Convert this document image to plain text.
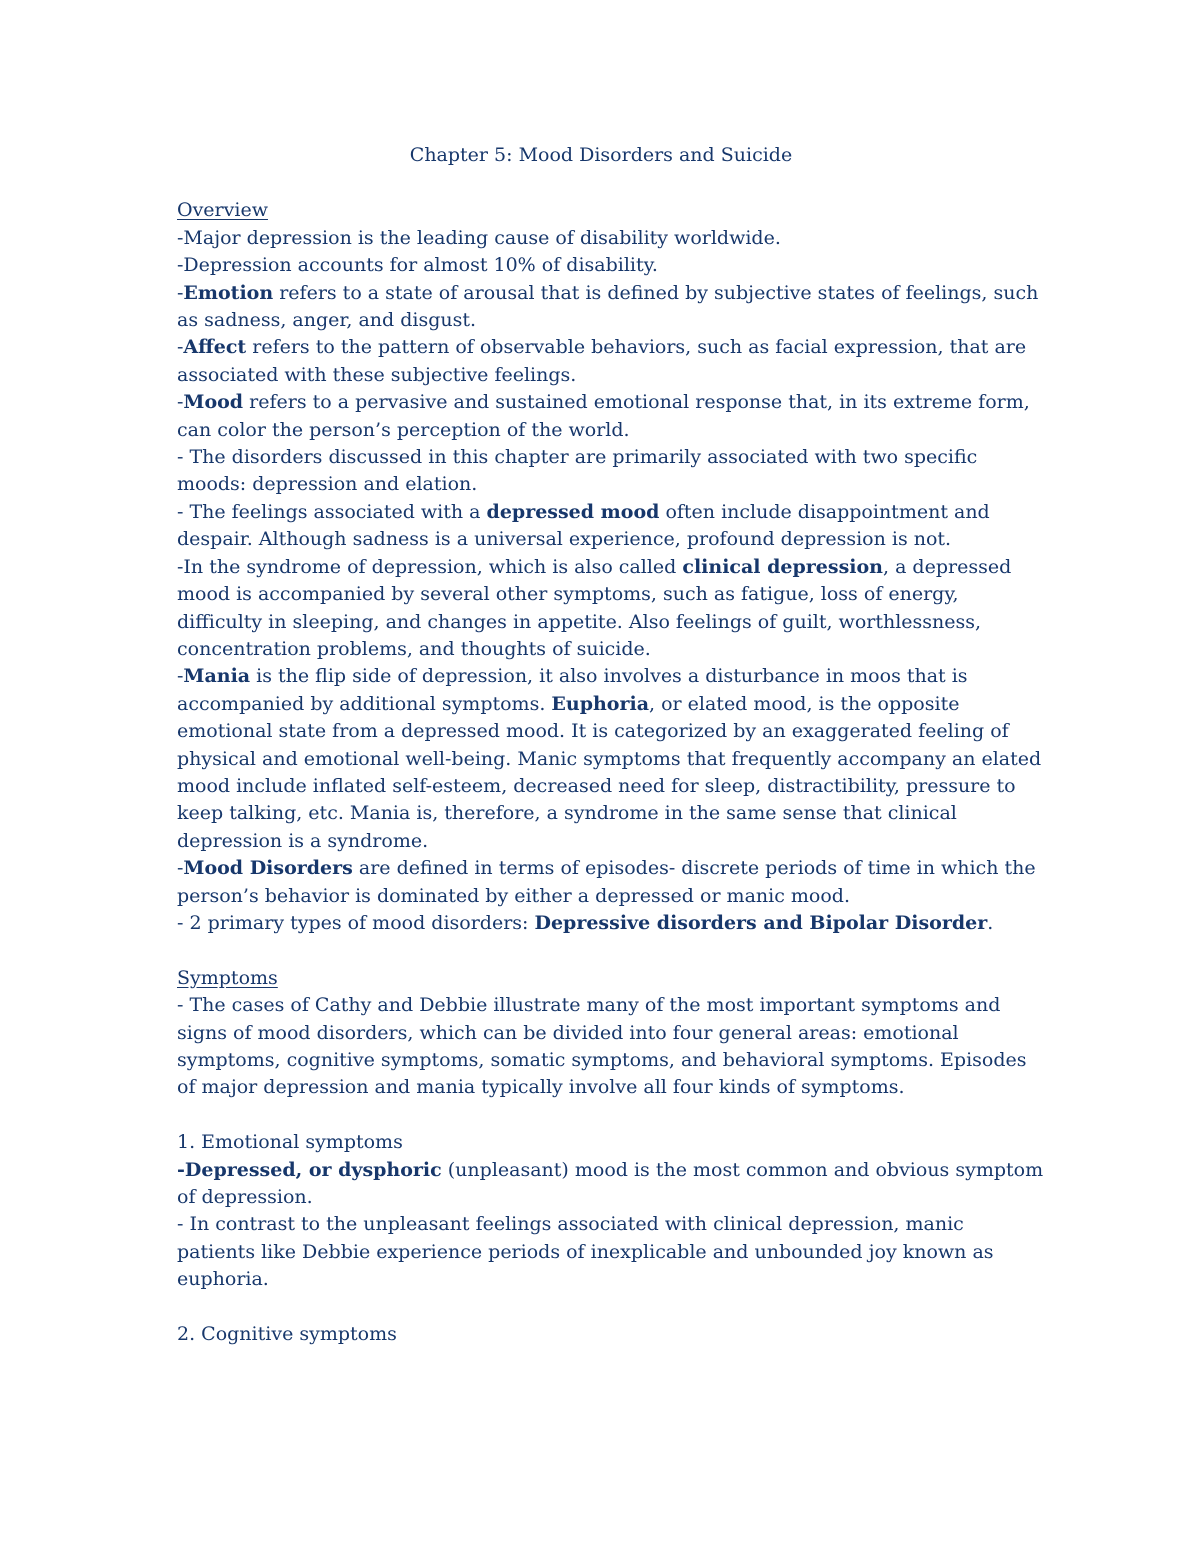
Chapter 5: Mood Disorders and Suicide
Overview
-Major depression is the leading cause of disability worldwide.
-Depression accounts for almost 10% of disability.
-Emotion refers to a state of arousal that is defined by subjective states of feelings, such as sadness, anger, and disgust.
-Affect refers to the pattern of observable behaviors, such as facial expression, that are associated with these subjective feelings.
-Mood refers to a pervasive and sustained emotional response that, in its extreme form, can color the person’s perception of the world.
- The disorders discussed in this chapter are primarily associated with two specific moods: depression and elation.
- The feelings associated with a depressed mood often include disappointment and despair. Although sadness is a universal experience, profound depression is not.
-In the syndrome of depression, which is also called clinical depression, a depressed mood is accompanied by several other symptoms, such as fatigue, loss of energy, difficulty in sleeping, and changes in appetite. Also feelings of guilt, worthlessness, concentration problems, and thoughts of suicide.
-Mania is the flip side of depression, it also involves a disturbance in moos that is accompanied by additional symptoms. Euphoria, or elated mood, is the opposite emotional state from a depressed mood. It is categorized by an exaggerated feeling of physical and emotional well-being. Manic symptoms that frequently accompany an elated mood include inflated self-esteem, decreased need for sleep, distractibility, pressure to keep talking, etc. Mania is, therefore, a syndrome in the same sense that clinical depression is a syndrome.
-Mood Disorders are defined in terms of episodes- discrete periods of time in which the person’s behavior is dominated by either a depressed or manic mood.
- 2 primary types of mood disorders: Depressive disorders and Bipolar Disorder.
Symptoms
- The cases of Cathy and Debbie illustrate many of the most important symptoms and signs of mood disorders, which can be divided into four general areas: emotional symptoms, cognitive symptoms, somatic symptoms, and behavioral symptoms. Episodes of major depression and mania typically involve all four kinds of symptoms.
1. Emotional symptoms
-Depressed, or dysphoric (unpleasant) mood is the most common and obvious symptom of depression.
- In contrast to the unpleasant feelings associated with clinical depression, manic patients like Debbie experience periods of inexplicable and unbounded joy known as euphoria.
2. Cognitive symptoms
